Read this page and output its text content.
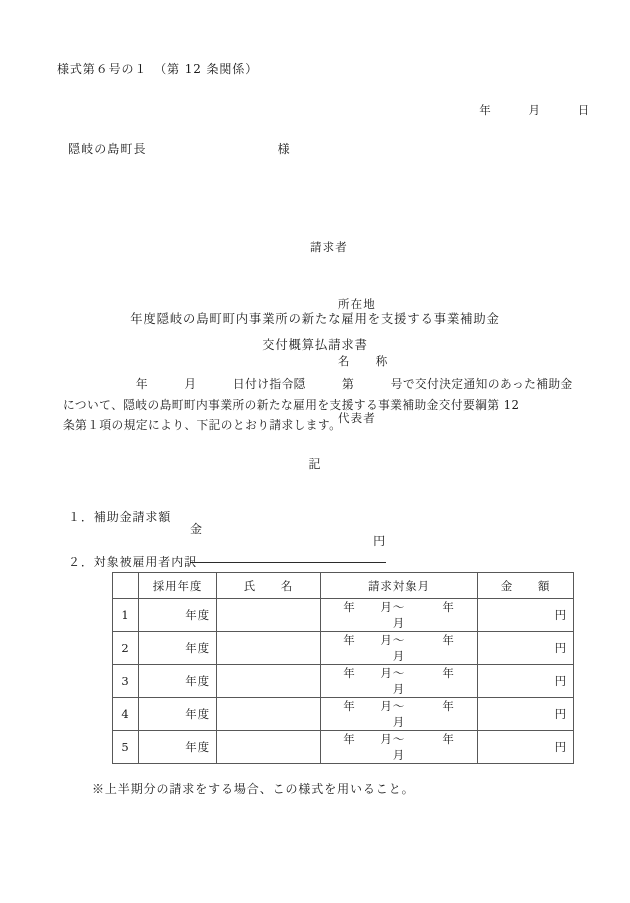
様式第６号の１　（第 12 条関係）
年　　　月　　　日
隠岐の島町長　　　　　　　　　　様

請求者

所在地

名　　称

代表者

年度隠岐の島町町内事業所の新たな雇用を支援する事業補助金
交付概算払請求書
　　　　　　年　　　月　　　日付け指令隠　　　第　　　号で交付決定通知のあった補助金
について、隠岐の島町町内事業所の新たな雇用を支援する事業補助金交付要綱第 12
条第１項の規定により、下記のとおり請求します。
記
１．補助金請求額

金

円

２．対象被雇用者内訳
	採用年度	氏　　名	請求対象月	金　　額
1	年度		年　　月〜　　　年　　月	円
2	年度		年　　月〜　　　年　　月	円
3	年度		年　　月〜　　　年　　月	円
4	年度		年　　月〜　　　年　　月	円
5	年度		年　　月〜　　　年　　月	円
※上半期分の請求をする場合、この様式を用いること。
